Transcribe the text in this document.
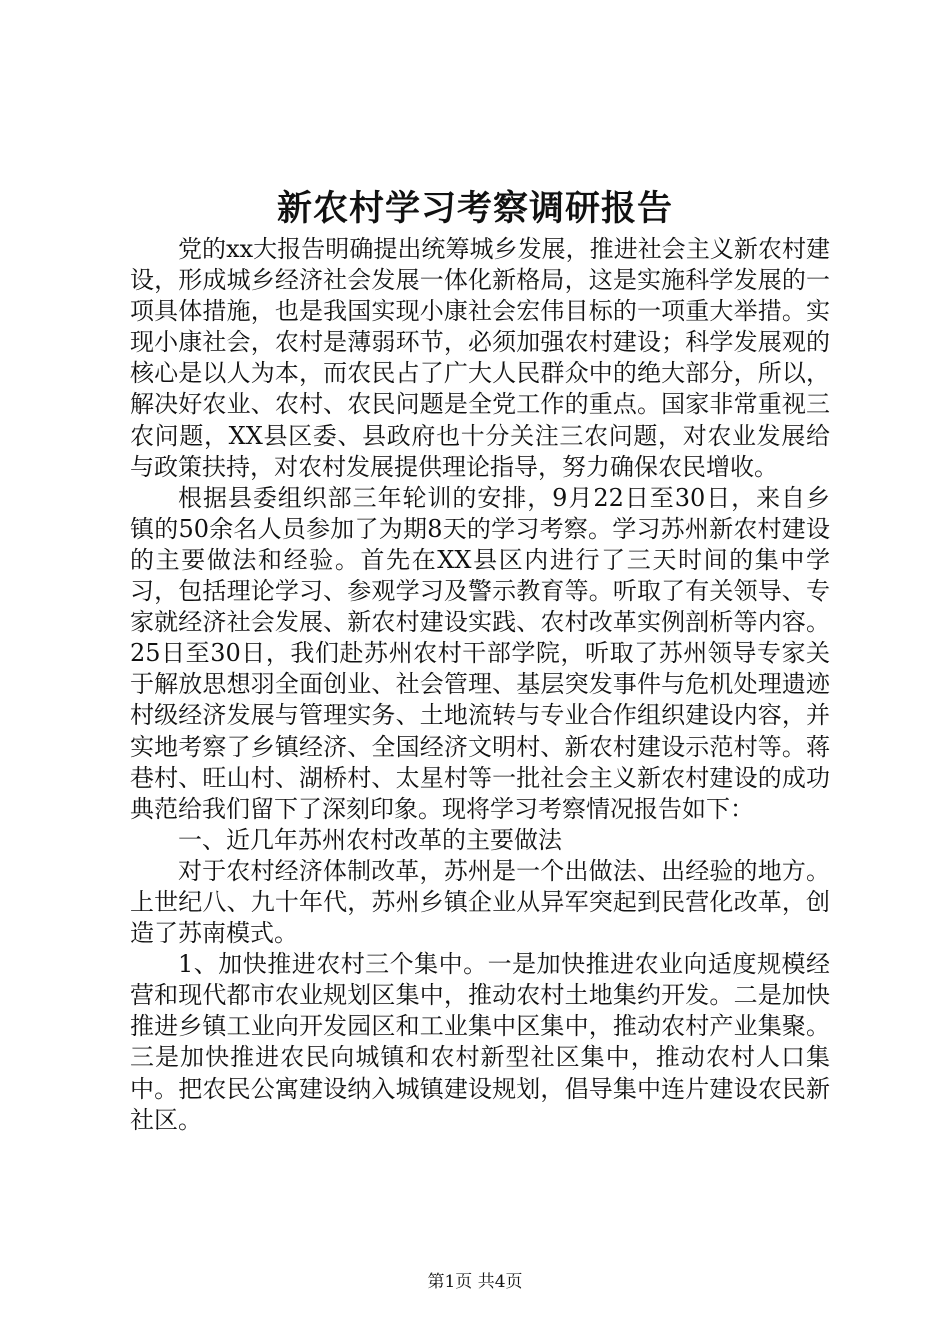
新农村学习考察调研报告

党的xx大报告明确提出统筹城乡发展，推进社会主义新农村建设，形成城乡经济社会发展一体化新格局，这是实施科学发展的一项具体措施，也是我国实现小康社会宏伟目标的一项重大举措。实现小康社会，农村是薄弱环节，必须加强农村建设；科学发展观的核心是以人为本，而农民占了广大人民群众中的绝大部分，所以，解决好农业、农村、农民问题是全党工作的重点。国家非常重视三农问题，XX县区委、县政府也十分关注三农问题，对农业发展给与政策扶持，对农村发展提供理论指导，努力确保农民增收。

根据县委组织部三年轮训的安排，9月22日至30日，来自乡镇的50余名人员参加了为期8天的学习考察。学习苏州新农村建设的主要做法和经验。首先在XX县区内进行了三天时间的集中学习，包括理论学习、参观学习及警示教育等。听取了有关领导、专家就经济社会发展、新农村建设实践、农村改革实例剖析等内容。25日至30日，我们赴苏州农村干部学院，听取了苏州领导专家关于解放思想羽全面创业、社会管理、基层突发事件与危机处理遗迹村级经济发展与管理实务、土地流转与专业合作组织建设内容，并实地考察了乡镇经济、全国经济文明村、新农村建设示范村等。蒋巷村、旺山村、湖桥村、太星村等一批社会主义新农村建设的成功典范给我们留下了深刻印象。现将学习考察情况报告如下：

一、近几年苏州农村改革的主要做法

对于农村经济体制改革，苏州是一个出做法、出经验的地方。上世纪八、九十年代，苏州乡镇企业从异军突起到民营化改革，创造了苏南模式。

1、加快推进农村三个集中。一是加快推进农业向适度规模经营和现代都市农业规划区集中，推动农村土地集约开发。二是加快推进乡镇工业向开发园区和工业集中区集中，推动农村产业集聚。三是加快推进农民向城镇和农村新型社区集中，推动农村人口集中。把农民公寓建设纳入城镇建设规划，倡导集中连片建设农民新社区。

第1页 共4页
